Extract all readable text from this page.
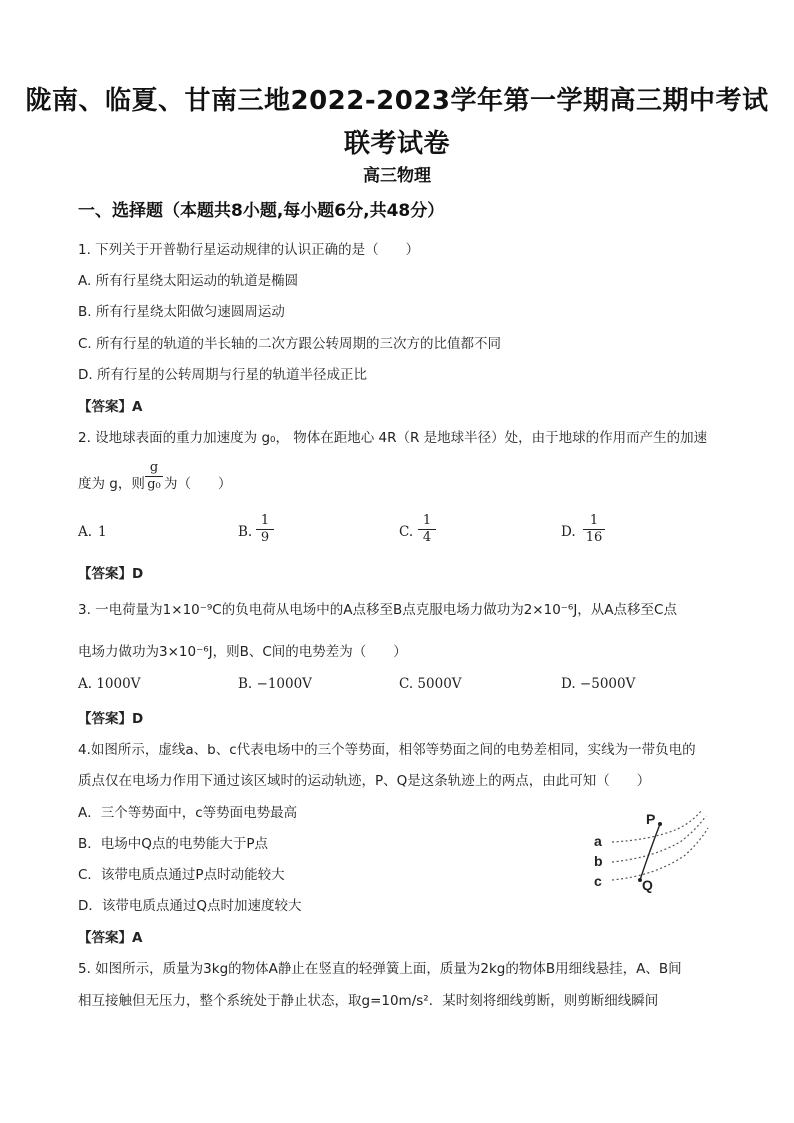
陇南、临夏、甘南三地2022-2023学年第一学期高三期中考试
联考试卷
高三物理
一、选择题（本题共8小题,每小题6分,共48分）
1. 下列关于开普勒行星运动规律的认识正确的是（　　）
A. 所有行星绕太阳运动的轨道是椭圆
B. 所有行星绕太阳做匀速圆周运动
C. 所有行星的轨道的半长轴的二次方跟公转周期的三次方的比值都不同
D. 所有行星的公转周期与行星的轨道半径成正比
【答案】A
2. 设地球表面的重力加速度为 g₀， 物体在距地心 4R（R 是地球半径）处，由于地球的作用而产生的加速
度为 g，则
g
g₀ 为（　　）
A. 1	B.
1
9	C.
1
4	D.
1
16
【答案】D
3. 一电荷量为1×10⁻⁹C的负电荷从电场中的A点移至B点克服电场力做功为2×10⁻⁶J，从A点移至C点
电场力做功为3×10⁻⁶J，则B、C间的电势差为（　　）
A. 1000V	B. −1000V	C. 5000V	D. −5000V
【答案】D
4.如图所示，虚线a、b、c代表电场中的三个等势面，相邻等势面之间的电势差相同，实线为一带负电的
质点仅在电场力作用下通过该区域时的运动轨迹，P、Q是这条轨迹上的两点，由此可知（　　）
A．三个等势面中，c等势面电势最高
B．电场中Q点的电势能大于P点
C．该带电质点通过P点时动能较大
D．该带电质点通过Q点时加速度较大
【答案】A
a
b
c
P
Q
5. 如图所示，质量为3kg的物体A静止在竖直的轻弹簧上面，质量为2kg的物体B用细线悬挂，A、B间
相互接触但无压力，整个系统处于静止状态，取g=10m/s²．某时刻将细线剪断，则剪断细线瞬间
